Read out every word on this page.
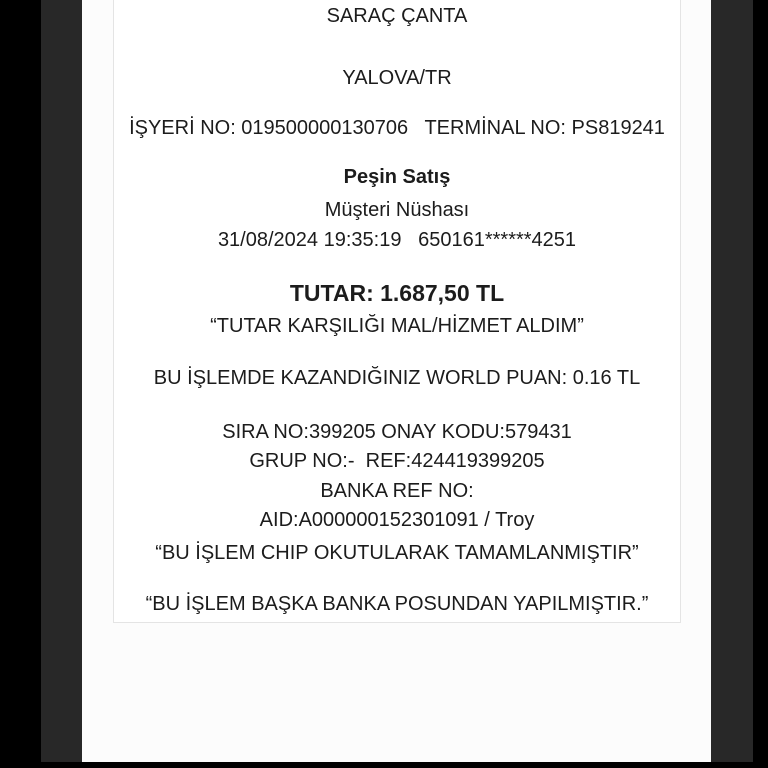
SARAÇ ÇANTA
YALOVA/TR
İŞYERİ NO: 019500000130706   TERMİNAL NO: PS819241
Peşin Satış
Müşteri Nüshası
31/08/2024 19:35:19   650161******4251
TUTAR: 1.687,50 TL
“TUTAR KARŞILIĞI MAL/HİZMET ALDIM”
BU İŞLEMDE KAZANDIĞINIZ WORLD PUAN: 0.16 TL
SIRA NO:399205 ONAY KODU:579431
GRUP NO:-  REF:424419399205
BANKA REF NO:
AID:A000000152301091 / Troy
“BU İŞLEM CHIP OKUTULARAK TAMAMLANMIŞTIR”
“BU İŞLEM BAŞKA BANKA POSUNDAN YAPILMIŞTIR.”
